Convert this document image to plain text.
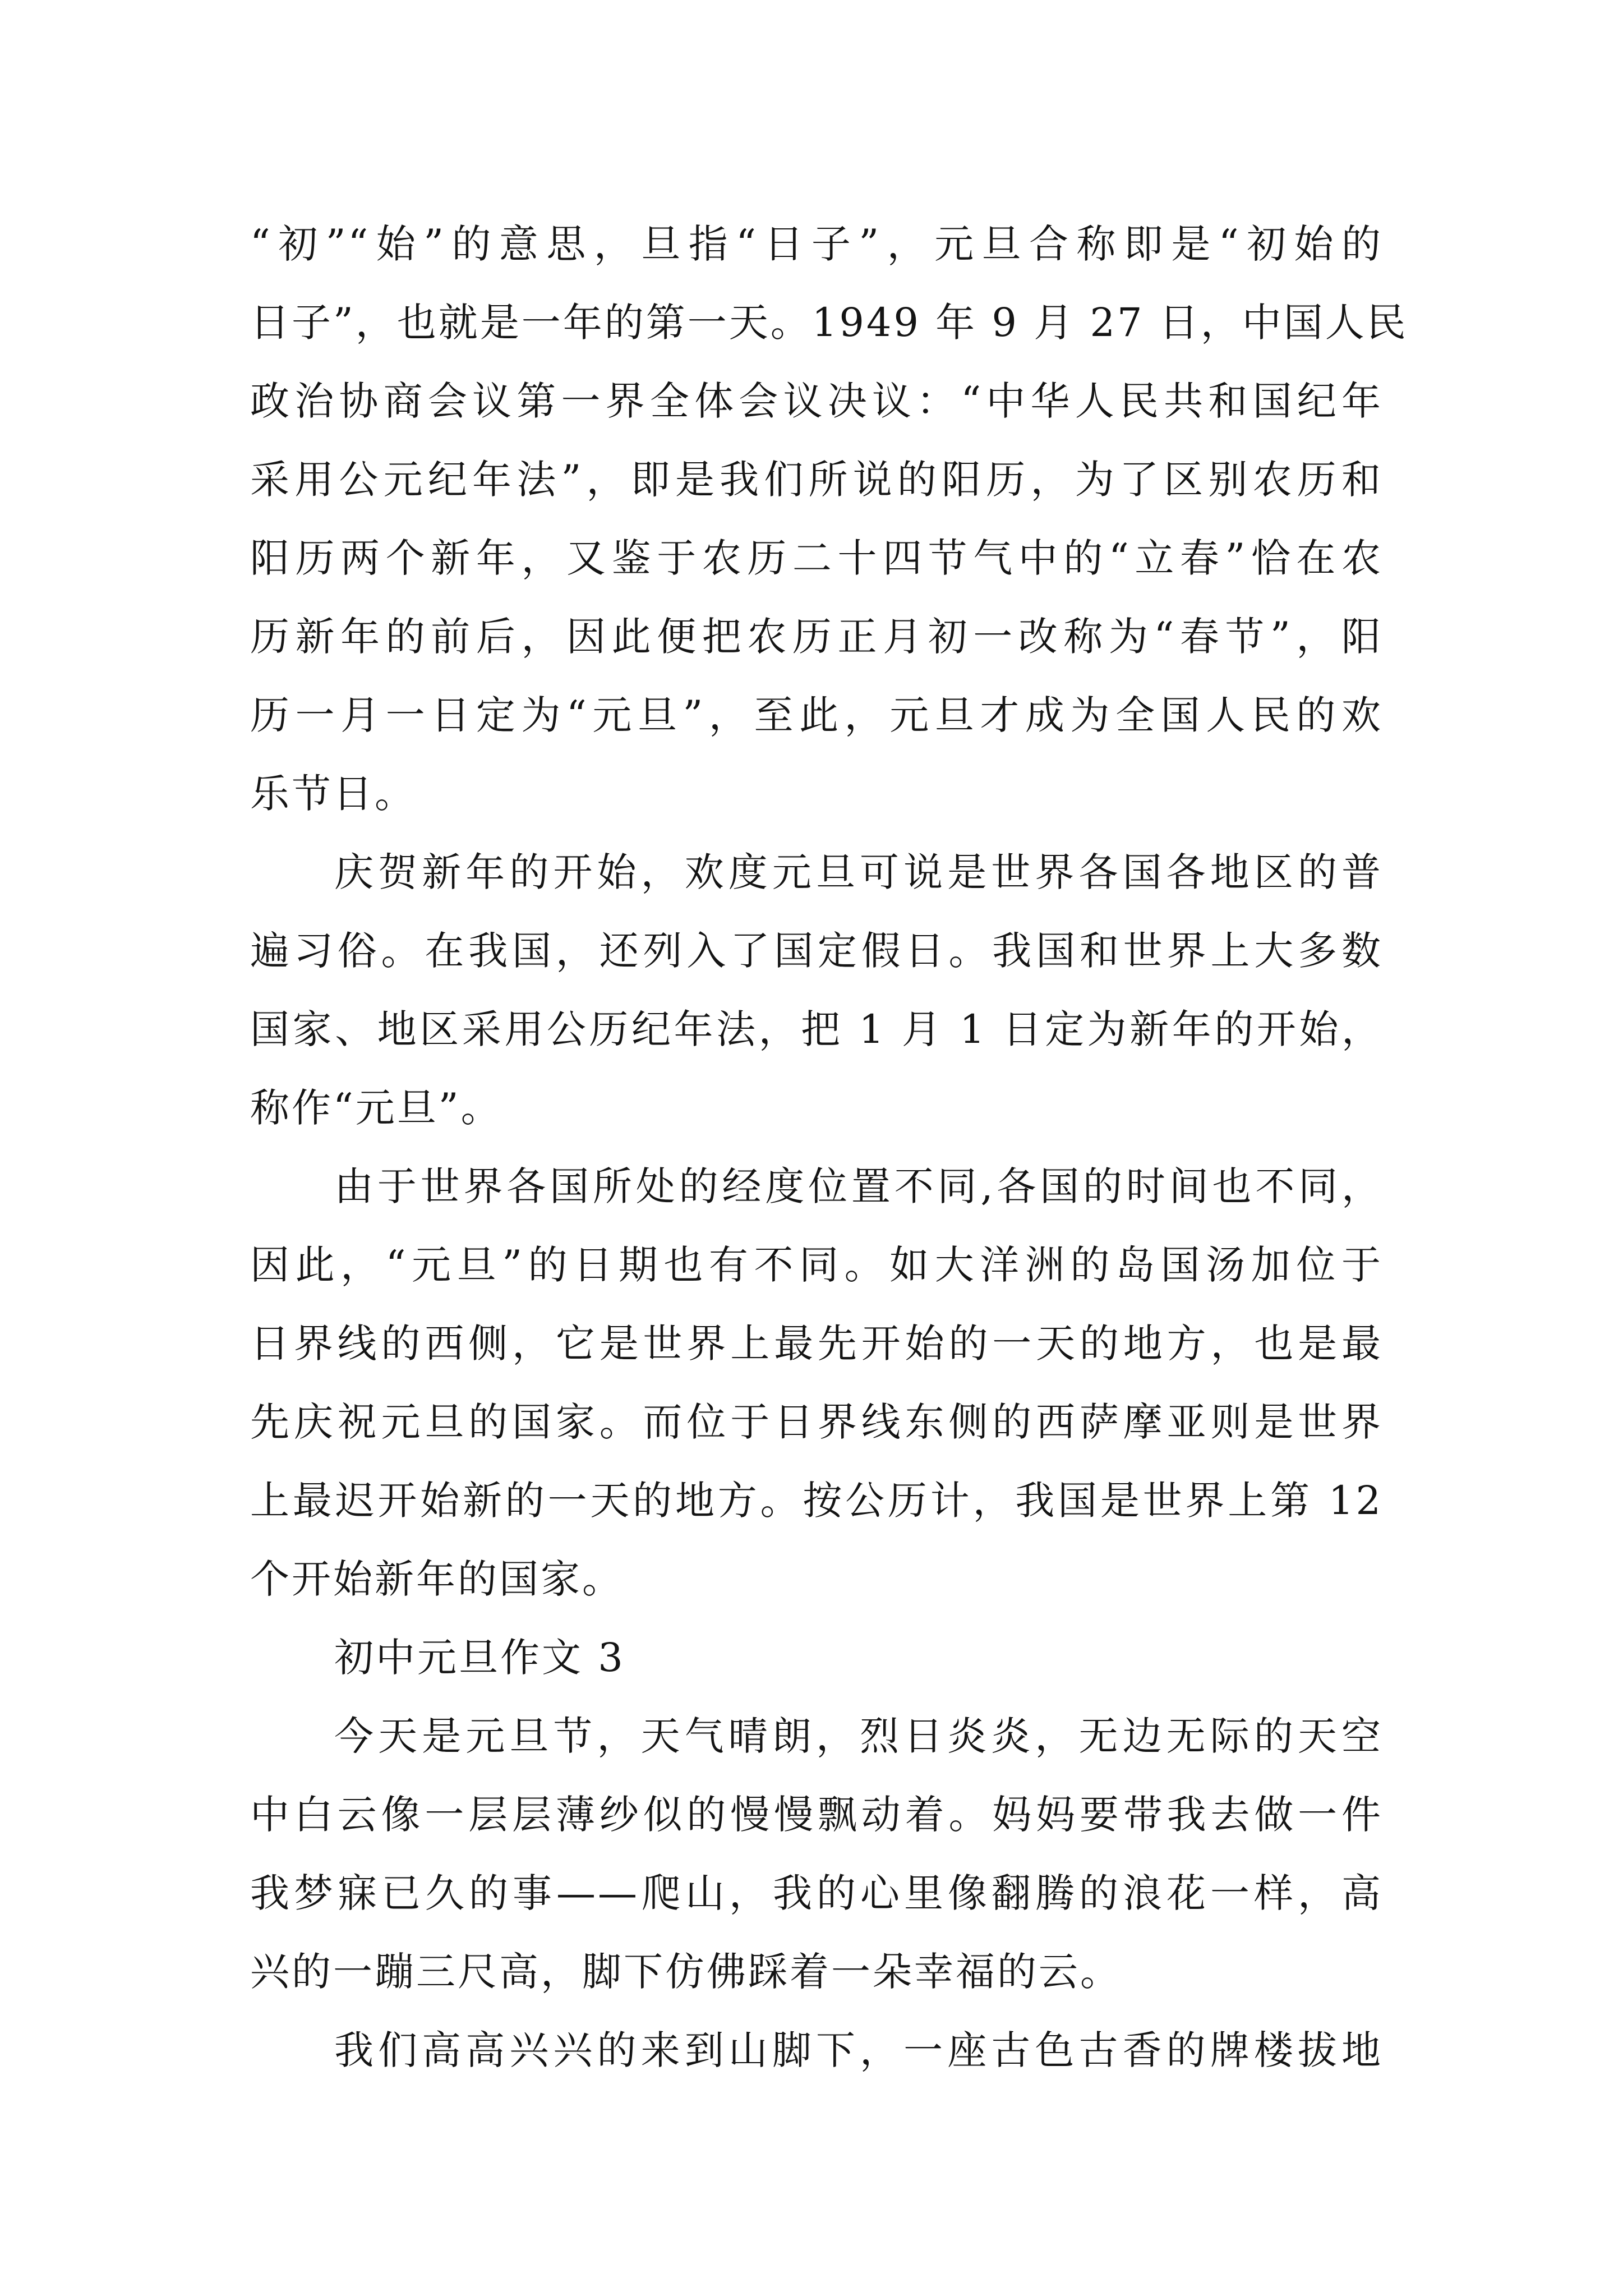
“初”“始”的意思，旦指“日子”，元旦合称即是“初始的
日子”，也就是一年的第一天。1949 年 9 月 27 日，中国人民
政治协商会议第一界全体会议决议：“中华人民共和国纪年
采用公元纪年法”，即是我们所说的阳历，为了区别农历和
阳历两个新年，又鉴于农历二十四节气中的“立春”恰在农
历新年的前后，因此便把农历正月初一改称为“春节”，阳
历一月一日定为“元旦”，至此，元旦才成为全国人民的欢
乐节日。
庆贺新年的开始，欢度元旦可说是世界各国各地区的普
遍习俗。在我国，还列入了国定假日。我国和世界上大多数
国家、地区采用公历纪年法，把 1 月 1 日定为新年的开始，
称作“元旦”。
由于世界各国所处的经度位置不同,各国的时间也不同，
因此，“元旦”的日期也有不同。如大洋洲的岛国汤加位于
日界线的西侧，它是世界上最先开始的一天的地方，也是最
先庆祝元旦的国家。而位于日界线东侧的西萨摩亚则是世界
上最迟开始新的一天的地方。按公历计，我国是世界上第 12
个开始新年的国家。
初中元旦作文 3
今天是元旦节，天气晴朗，烈日炎炎，无边无际的天空
中白云像一层层薄纱似的慢慢飘动着。妈妈要带我去做一件
我梦寐已久的事——爬山，我的心里像翻腾的浪花一样，高
兴的一蹦三尺高，脚下仿佛踩着一朵幸福的云。
我们高高兴兴的来到山脚下，一座古色古香的牌楼拔地
